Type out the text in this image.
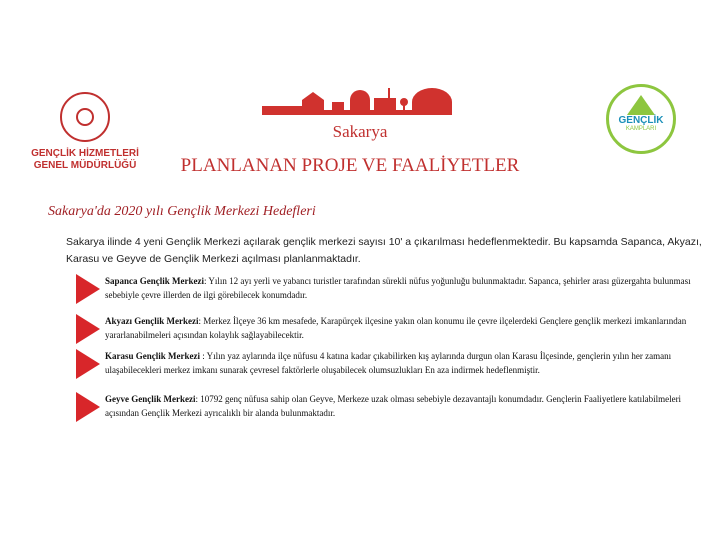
GENÇLİK HİZMETLERİ
GENEL MÜDÜRLÜĞÜ
Sakarya
PLANLANAN PROJE VE FAALİYETLER
GENÇLİK
KAMPLARI
Sakarya'da 2020 yılı Gençlik Merkezi Hedefleri
Sakarya ilinde 4 yeni Gençlik Merkezi açılarak gençlik merkezi sayısı 10' a çıkarılması hedeflenmektedir. Bu kapsamda Sapanca, Akyazı, Karasu ve Geyve de Gençlik Merkezi açılması planlanmaktadır.
Sapanca Gençlik Merkezi: Yılın 12 ayı yerli ve yabancı turistler tarafından sürekli nüfus yoğunluğu bulunmaktadır. Sapanca, şehirler arası güzergahta bulunması sebebiyle çevre illerden de ilgi görebilecek konumdadır.
Akyazı Gençlik Merkezi: Merkez İlçeye 36 km mesafede, Karapürçek ilçesine yakın olan konumu ile çevre ilçelerdeki Gençlere gençlik merkezi imkanlarından yararlanabilmeleri açısından kolaylık sağlayabilecektir.
Karasu Gençlik Merkezi : Yılın yaz aylarında ilçe nüfusu 4 katına kadar çıkabilirken kış aylarında durgun olan Karasu İlçesinde, gençlerin yılın her zamanı ulaşabilecekleri merkez imkanı sunarak çevresel faktörlerle oluşabilecek olumsuzlukları En aza indirmek hedeflenmiştir.
Geyve Gençlik Merkezi: 10792 genç nüfusa sahip olan Geyve, Merkeze uzak olması sebebiyle dezavantajlı konumdadır. Gençlerin Faaliyetlere katılabilmeleri açısından Gençlik Merkezi ayrıcalıklı bir alanda bulunmaktadır.
